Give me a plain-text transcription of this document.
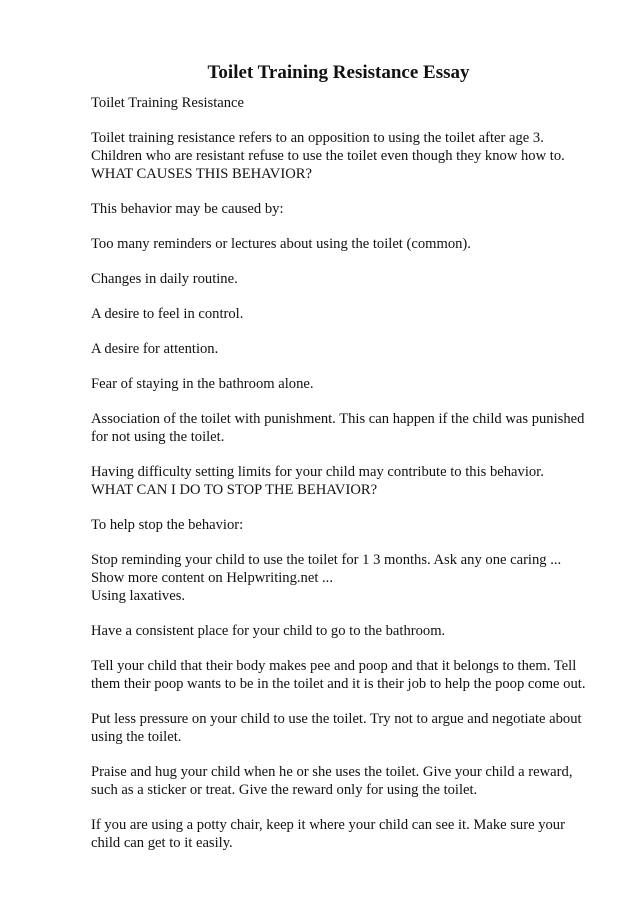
Toilet Training Resistance Essay
Toilet Training Resistance
Toilet training resistance refers to an opposition to using the toilet after age 3.
Children who are resistant refuse to use the toilet even though they know how to.
WHAT CAUSES THIS BEHAVIOR?
This behavior may be caused by:
Too many reminders or lectures about using the toilet (common).
Changes in daily routine.
A desire to feel in control.
A desire for attention.
Fear of staying in the bathroom alone.
Association of the toilet with punishment. This can happen if the child was punished
for not using the toilet.
Having difficulty setting limits for your child may contribute to this behavior.
WHAT CAN I DO TO STOP THE BEHAVIOR?
To help stop the behavior:
Stop reminding your child to use the toilet for 1 3 months. Ask any one caring ...
Show more content on Helpwriting.net ...
Using laxatives.
Have a consistent place for your child to go to the bathroom.
Tell your child that their body makes pee and poop and that it belongs to them. Tell
them their poop wants to be in the toilet and it is their job to help the poop come out.
Put less pressure on your child to use the toilet. Try not to argue and negotiate about
using the toilet.
Praise and hug your child when he or she uses the toilet. Give your child a reward,
such as a sticker or treat. Give the reward only for using the toilet.
If you are using a potty chair, keep it where your child can see it. Make sure your
child can get to it easily.
